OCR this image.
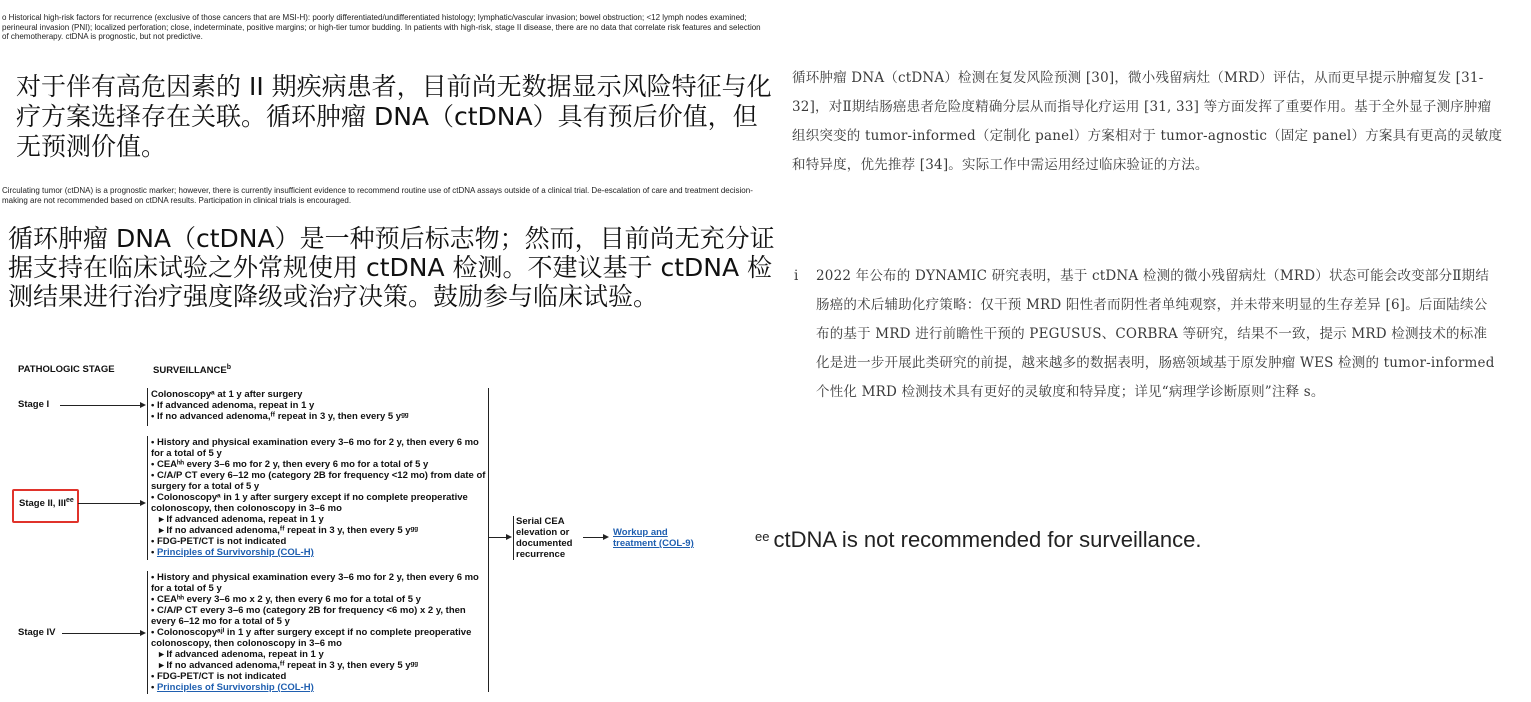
o Historical high-risk factors for recurrence (exclusive of those cancers that are MSI-H): poorly differentiated/undifferentiated histology; lymphatic/vascular invasion; bowel obstruction; <12 lymph nodes examined; perineural invasion (PNI); localized perforation; close, indeterminate, positive margins; or high-tier tumor budding. In patients with high-risk, stage II disease, there are no data that correlate risk features and selection of chemotherapy. ctDNA is prognostic, but not predictive.
对于伴有高危因素的 II 期疾病患者，目前尚无数据显示风险特征与化疗方案选择存在关联。循环肿瘤 DNA（ctDNA）具有预后价值，但无预测价值。
Circulating tumor (ctDNA) is a prognostic marker; however, there is currently insufficient evidence to recommend routine use of ctDNA assays outside of a clinical trial. De-escalation of care and treatment decision-making are not recommended based on ctDNA results. Participation in clinical trials is encouraged.
循环肿瘤 DNA（ctDNA）是一种预后标志物；然而，目前尚无充分证据支持在临床试验之外常规使用 ctDNA 检测。不建议基于 ctDNA 检测结果进行治疗强度降级或治疗决策。鼓励参与临床试验。
PATHOLOGIC STAGE	SURVEILLANCE$^b$
Stage I
Colonoscopyᵃ at 1 y after surgery
• If advanced adenoma, repeat in 1 y
• If no advanced adenoma,ᶠᶠ repeat in 3 y, then every 5 yᵍᵍ
Stage II, $III^{ee}$
• History and physical examination every 3–6 mo for 2 y, then every 6 mo for a total of 5 y
• CEAʰʰ every 3–6 mo for 2 y, then every 6 mo for a total of 5 y
• C/A/P CT every 6–12 mo (category 2B for frequency <12 mo) from date of surgery for a total of 5 y
• Colonoscopyᵃ in 1 y after surgery except if no complete preoperative colonoscopy, then colonoscopy in 3–6 mo
▸ If advanced adenoma, repeat in 1 y
▸ If no advanced adenoma,ᶠᶠ repeat in 3 y, then every 5 yᵍᵍ
• FDG-PET/CT is not indicated
• Principles of Survivorship (COL-H)
Serial CEA elevation or documented recurrence
Workup and treatment (COL-9)
Stage IV
• History and physical examination every 3–6 mo for 2 y, then every 6 mo for a total of 5 y
• CEAʰʰ every 3–6 mo x 2 y, then every 6 mo for a total of 5 y
• C/A/P CT every 3–6 mo (category 2B for frequency <6 mo) x 2 y, then every 6–12 mo for a total of 5 y
• Colonoscopyᵃʲⁱ in 1 y after surgery except if no complete preoperative colonoscopy, then colonoscopy in 3–6 mo
▸ If advanced adenoma, repeat in 1 y
▸ If no advanced adenoma,ᶠᶠ repeat in 3 y, then every 5 yᵍᵍ
• FDG-PET/CT is not indicated
• Principles of Survivorship (COL-H)
循环肿瘤 DNA（ctDNA）检测在复发风险预测 [30]，微小残留病灶（MRD）评估，从而更早提示肿瘤复发 [31-32]，对Ⅱ期结肠癌患者危险度精确分层从而指导化疗运用 [31, 33] 等方面发挥了重要作用。基于全外显子测序肿瘤组织突变的 tumor-informed（定制化 panel）方案相对于 tumor-agnostic（固定 panel）方案具有更高的灵敏度和特异度，优先推荐 [34]。实际工作中需运用经过临床验证的方法。
i 2022 年公布的 DYNAMIC 研究表明，基于 ctDNA 检测的微小残留病灶（MRD）状态可能会改变部分Ⅱ期结肠癌的术后辅助化疗策略：仅干预 MRD 阳性者而阴性者单纯观察，并未带来明显的生存差异 [6]。后面陆续公布的基于 MRD 进行前瞻性干预的 PEGUSUS、CORBRA 等研究，结果不一致，提示 MRD 检测技术的标准化是进一步开展此类研究的前提，越来越多的数据表明，肠癌领域基于原发肿瘤 WES 检测的 tumor-informed 个性化 MRD 检测技术具有更好的灵敏度和特异度；详见“病理学诊断原则”注释 s。
$^{ee}$ ctDNA is not recommended for surveillance.
